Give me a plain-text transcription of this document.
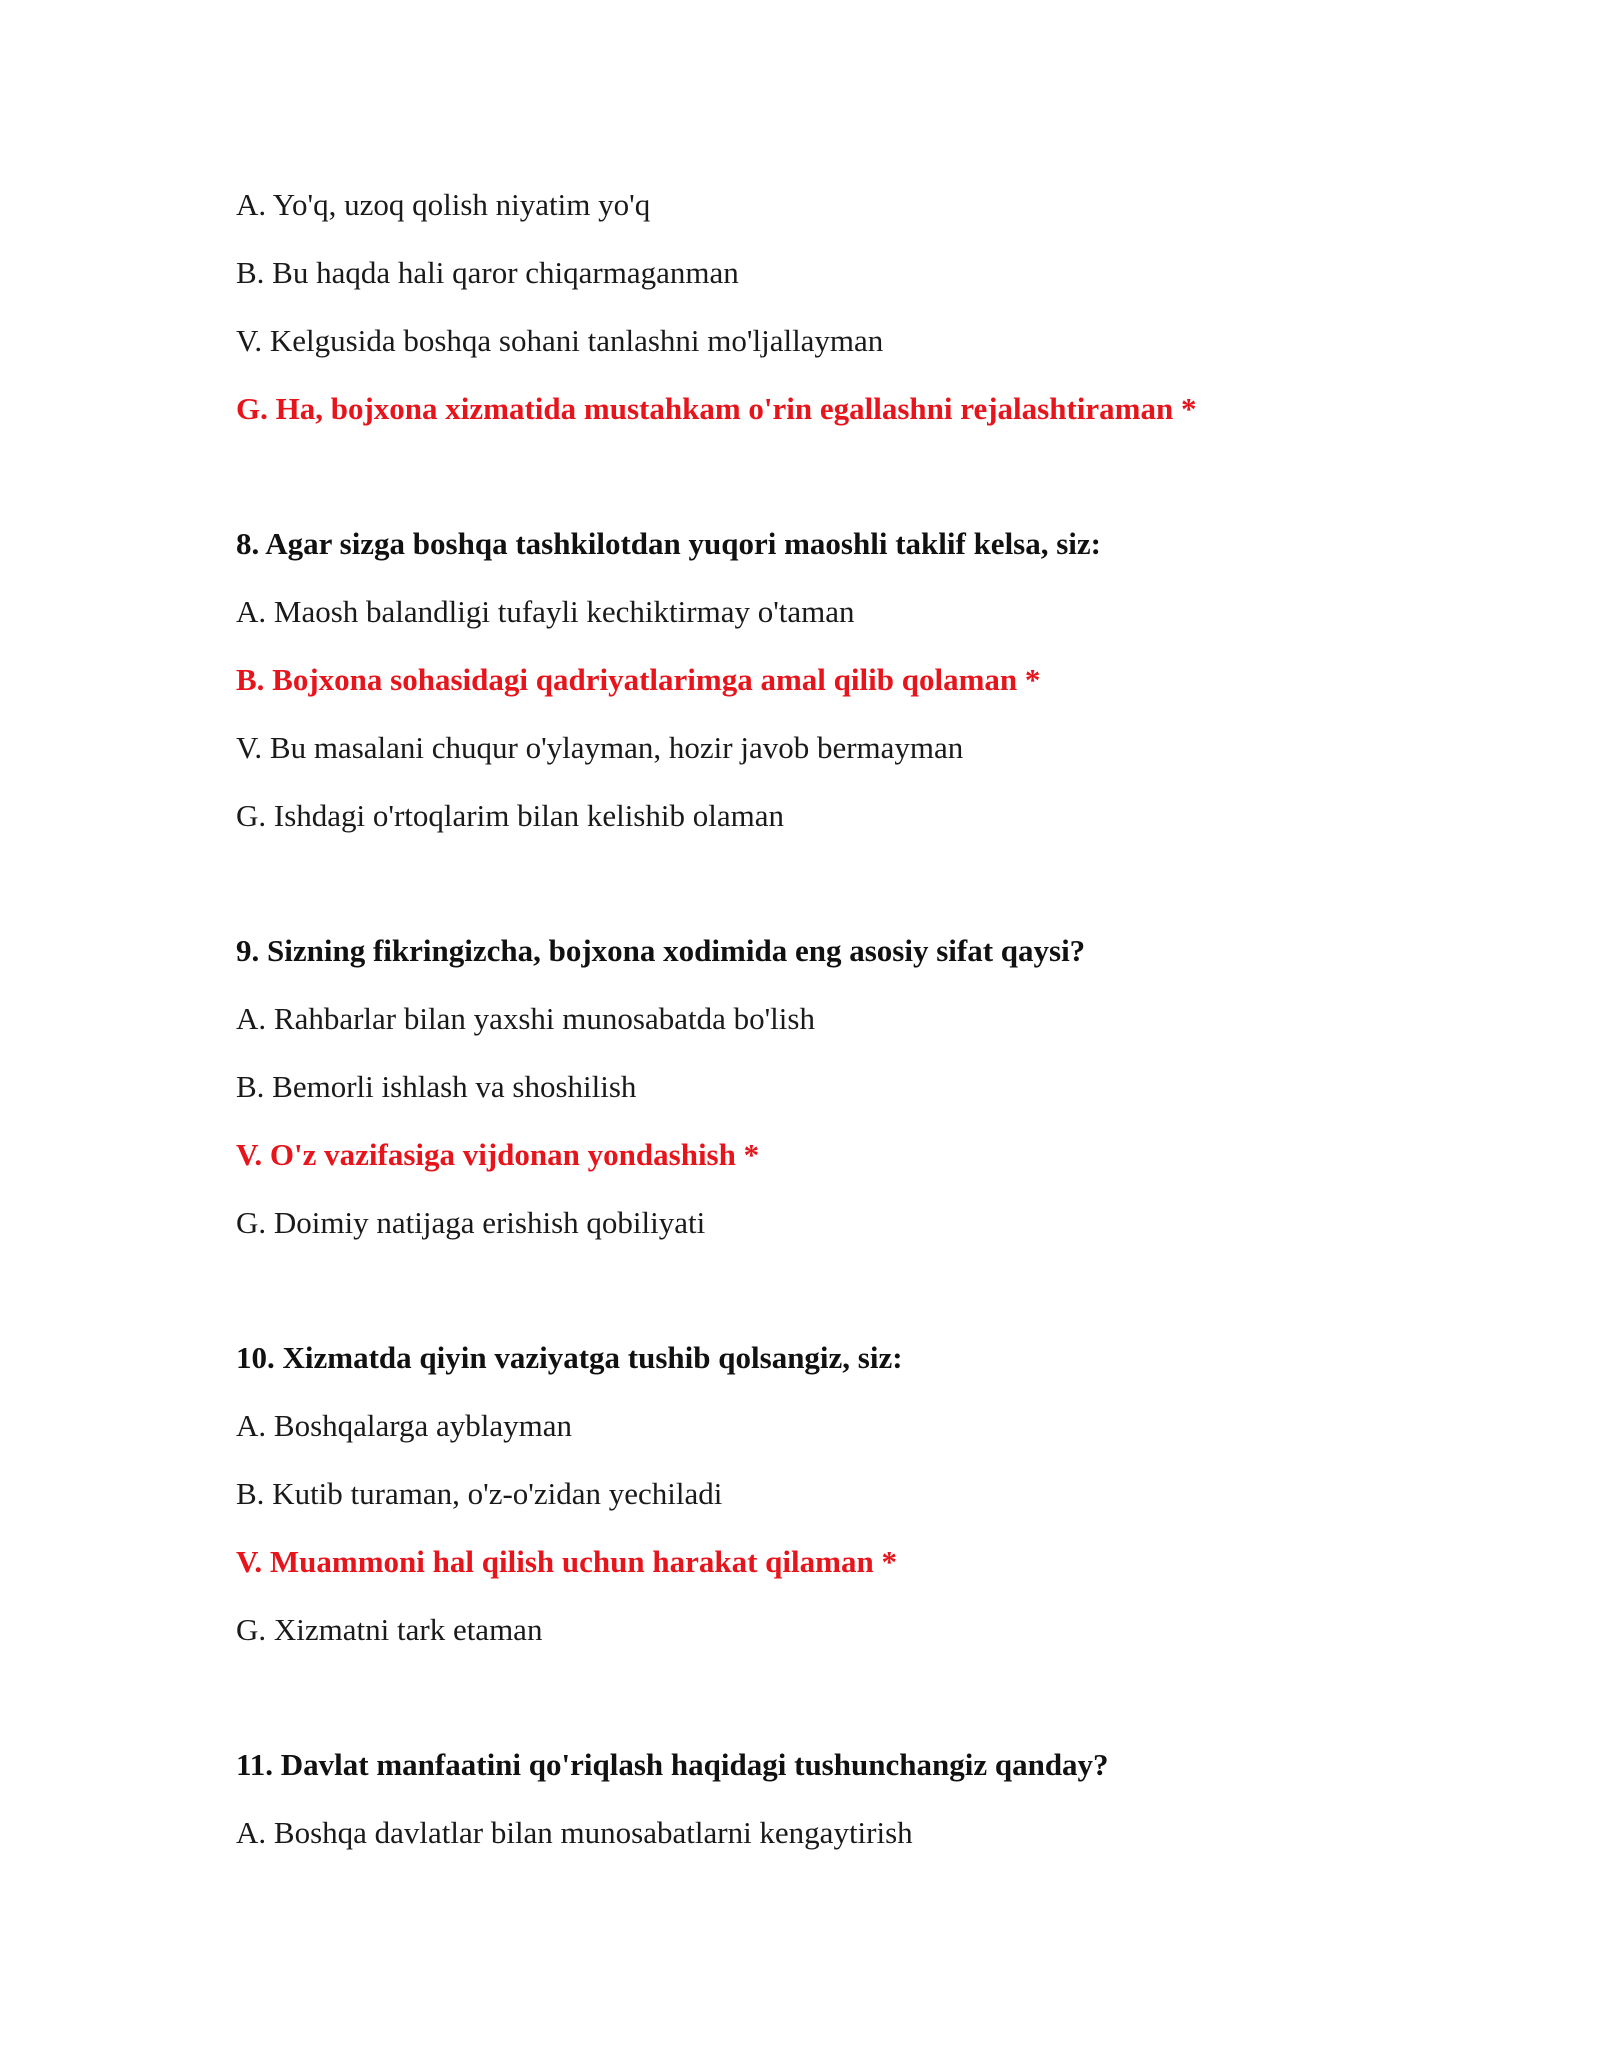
A. Yo'q, uzoq qolish niyatim yo'q
B. Bu haqda hali qaror chiqarmaganman
V. Kelgusida boshqa sohani tanlashni mo'ljallayman
G. Ha, bojxona xizmatida mustahkam o'rin egallashni rejalashtiraman *
8. Agar sizga boshqa tashkilotdan yuqori maoshli taklif kelsa, siz:
A. Maosh balandligi tufayli kechiktirmay o'taman
B. Bojxona sohasidagi qadriyatlarimga amal qilib qolaman *
V. Bu masalani chuqur o'ylayman, hozir javob bermayman
G. Ishdagi o'rtoqlarim bilan kelishib olaman
9. Sizning fikringizcha, bojxona xodimida eng asosiy sifat qaysi?
A. Rahbarlar bilan yaxshi munosabatda bo'lish
B. Bemorli ishlash va shoshilish
V. O'z vazifasiga vijdonan yondashish *
G. Doimiy natijaga erishish qobiliyati
10. Xizmatda qiyin vaziyatga tushib qolsangiz, siz:
A. Boshqalarga ayblayman
B. Kutib turaman, o'z-o'zidan yechiladi
V. Muammoni hal qilish uchun harakat qilaman *
G. Xizmatni tark etaman
11. Davlat manfaatini qo'riqlash haqidagi tushunchangiz qanday?
A. Boshqa davlatlar bilan munosabatlarni kengaytirish
